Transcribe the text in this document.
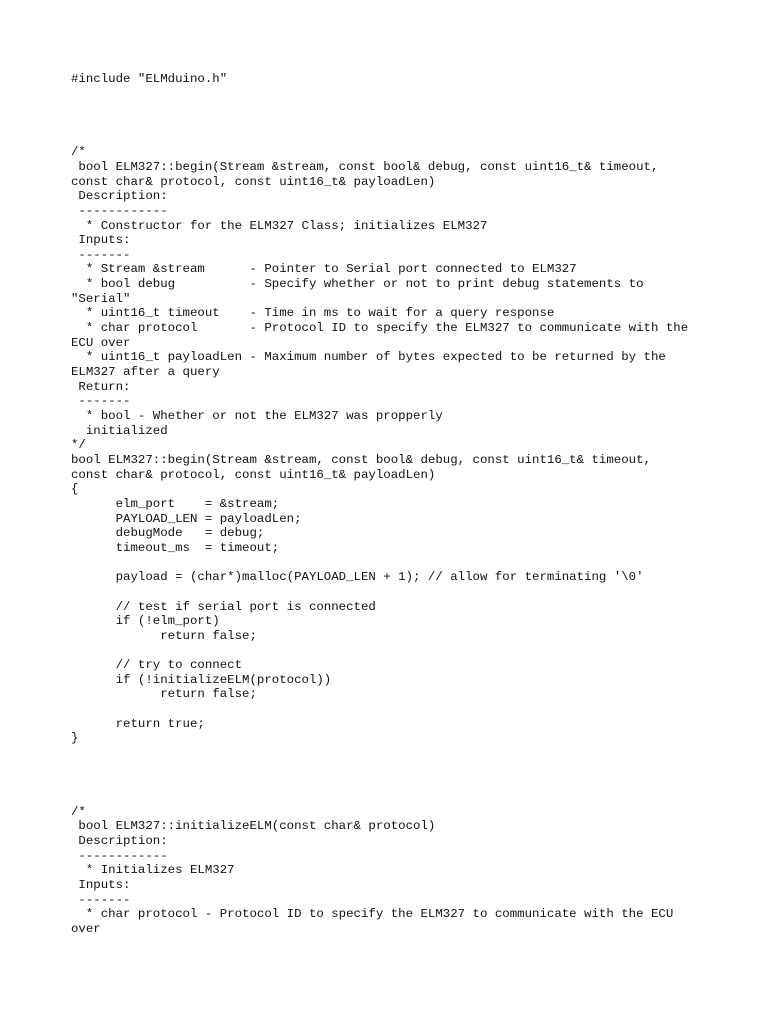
#include "ELMduino.h"
/*
bool ELM327::begin(Stream &stream, const bool& debug, const uint16_t& timeout,
const char& protocol, const uint16_t& payloadLen)
Description:
------------
* Constructor for the ELM327 Class; initializes ELM327
Inputs:
-------
* Stream &stream      - Pointer to Serial port connected to ELM327
* bool debug          - Specify whether or not to print debug statements to
"Serial"
* uint16_t timeout    - Time in ms to wait for a query response
* char protocol       - Protocol ID to specify the ELM327 to communicate with the
ECU over
* uint16_t payloadLen - Maximum number of bytes expected to be returned by the
ELM327 after a query
Return:
-------
* bool - Whether or not the ELM327 was propperly
initialized
*/
bool ELM327::begin(Stream &stream, const bool& debug, const uint16_t& timeout,
const char& protocol, const uint16_t& payloadLen)
{
elm_port    = &stream;
PAYLOAD_LEN = payloadLen;
debugMode   = debug;
timeout_ms  = timeout;
payload = (char*)malloc(PAYLOAD_LEN + 1); // allow for terminating '\0'
// test if serial port is connected
if (!elm_port)
return false;
// try to connect
if (!initializeELM(protocol))
return false;
return true;
}
/*
bool ELM327::initializeELM(const char& protocol)
Description:
------------
* Initializes ELM327
Inputs:
-------
* char protocol - Protocol ID to specify the ELM327 to communicate with the ECU
over
